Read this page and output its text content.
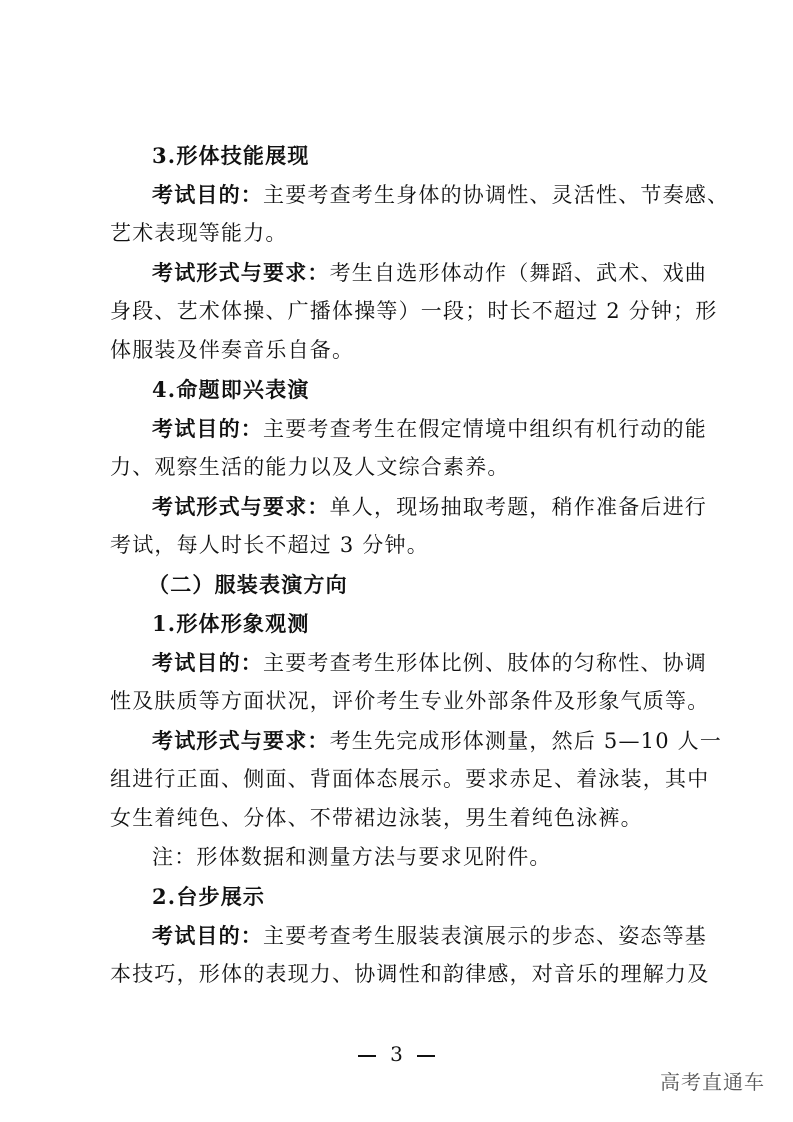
3.形体技能展现
考试目的：主要考查考生身体的协调性、灵活性、节奏感、
艺术表现等能力。
考试形式与要求：考生自选形体动作（舞蹈、武术、戏曲
身段、艺术体操、广播体操等）一段；时长不超过 2 分钟；形
体服装及伴奏音乐自备。
4.命题即兴表演
考试目的：主要考查考生在假定情境中组织有机行动的能
力、观察生活的能力以及人文综合素养。
考试形式与要求：单人，现场抽取考题，稍作准备后进行
考试，每人时长不超过 3 分钟。
（二）服装表演方向
1.形体形象观测
考试目的：主要考查考生形体比例、肢体的匀称性、协调
性及肤质等方面状况，评价考生专业外部条件及形象气质等。
考试形式与要求：考生先完成形体测量，然后 5—10 人一
组进行正面、侧面、背面体态展示。要求赤足、着泳装，其中
女生着纯色、分体、不带裙边泳装，男生着纯色泳裤。
注：形体数据和测量方法与要求见附件。
2.台步展示
考试目的：主要考查考生服装表演展示的步态、姿态等基
本技巧，形体的表现力、协调性和韵律感，对音乐的理解力及
3
高考直通车
